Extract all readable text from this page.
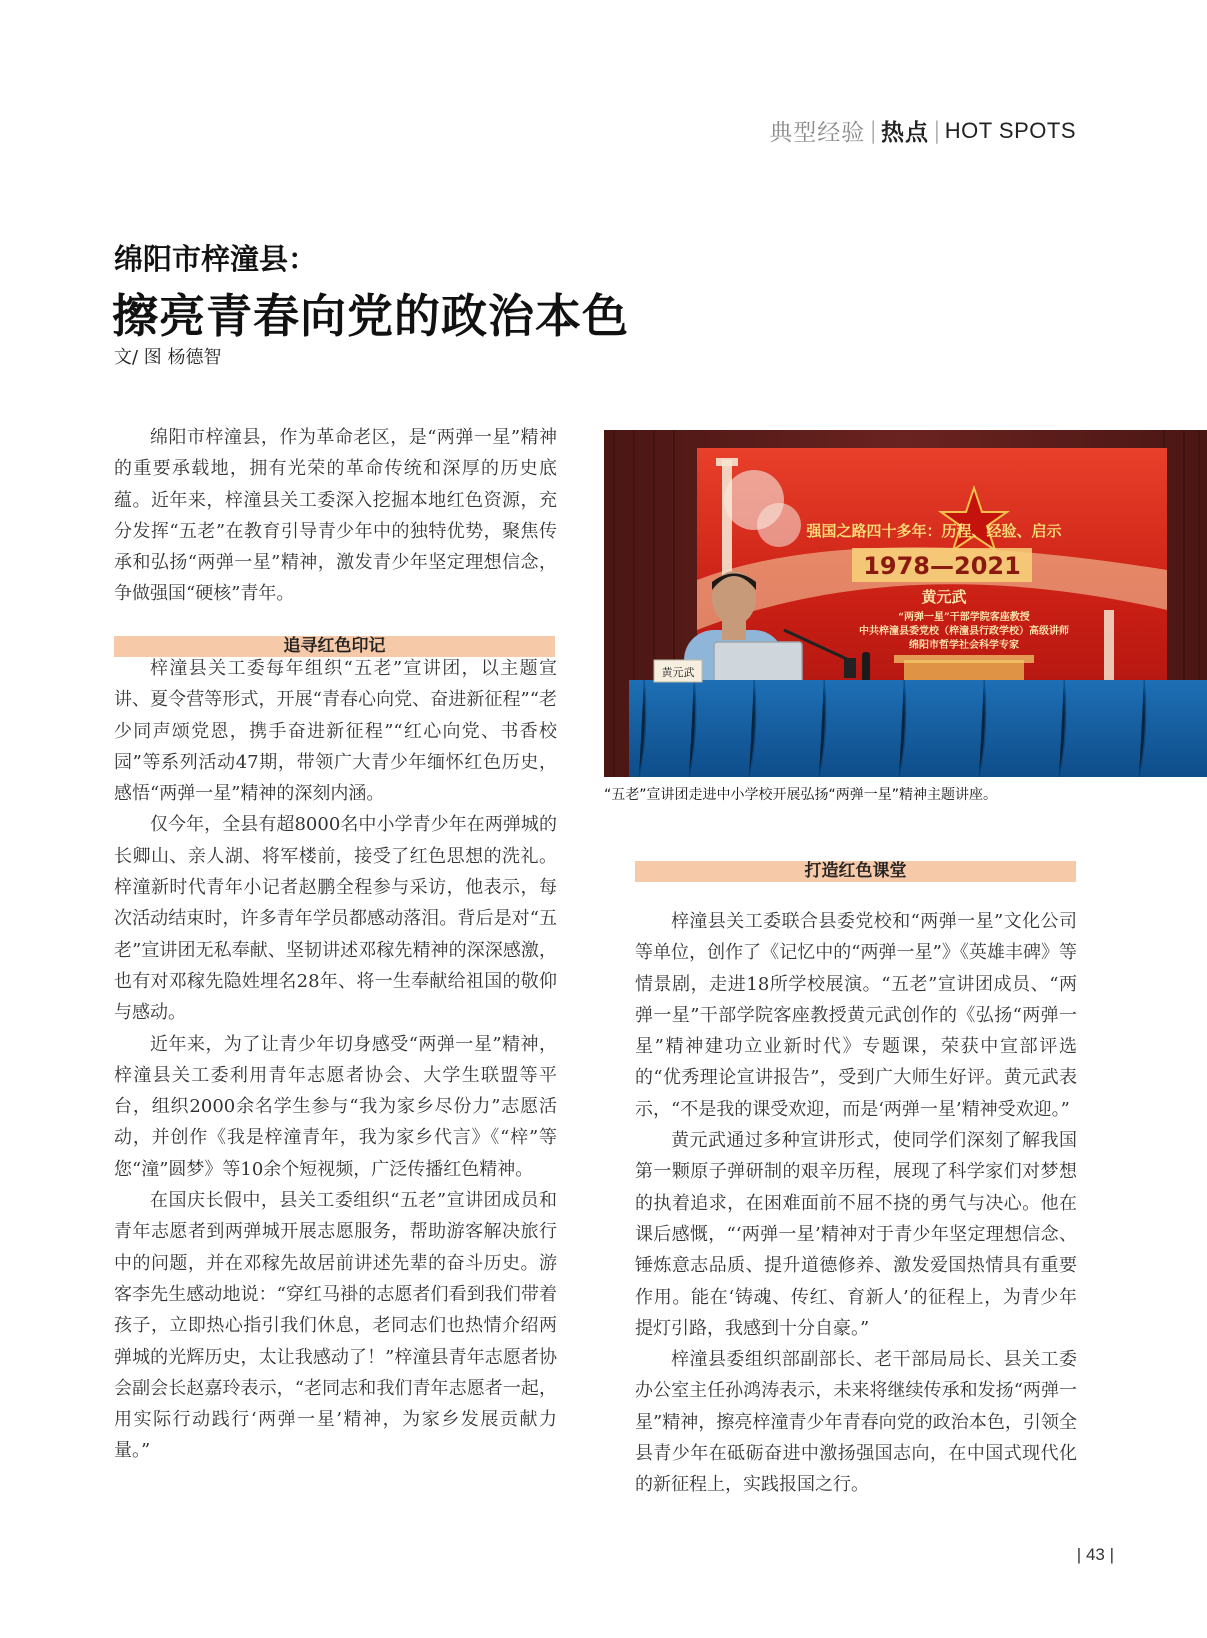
典型经验 | 热点 | HOT SPOTS
绵阳市梓潼县：
擦亮青春向党的政治本色
文/ 图 杨德智

绵阳市梓潼县，作为革命老区，是“两弹一星”精神的重要承载地，拥有光荣的革命传统和深厚的历史底蕴。近年来，梓潼县关工委深入挖掘本地红色资源，充分发挥“五老”在教育引导青少年中的独特优势，聚焦传承和弘扬“两弹一星”精神，激发青少年坚定理想信念，争做强国“硬核”青年。

追寻红色印记

梓潼县关工委每年组织“五老”宣讲团，以主题宣讲、夏令营等形式，开展“青春心向党、奋进新征程”“老少同声颂党恩，携手奋进新征程”“红心向党、书香校园”等系列活动47期，带领广大青少年缅怀红色历史，感悟“两弹一星”精神的深刻内涵。

仅今年，全县有超8000名中小学青少年在两弹城的长卿山、亲人湖、将军楼前，接受了红色思想的洗礼。梓潼新时代青年小记者赵鹏全程参与采访，他表示，每次活动结束时，许多青年学员都感动落泪。背后是对“五老”宣讲团无私奉献、坚韧讲述邓稼先精神的深深感激，也有对邓稼先隐姓埋名28年、将一生奉献给祖国的敬仰与感动。

近年来，为了让青少年切身感受“两弹一星”精神，梓潼县关工委利用青年志愿者协会、大学生联盟等平台，组织2000余名学生参与“我为家乡尽份力”志愿活动，并创作《我是梓潼青年，我为家乡代言》《“梓”等您“潼”圆梦》等10余个短视频，广泛传播红色精神。

在国庆长假中，县关工委组织“五老”宣讲团成员和青年志愿者到两弹城开展志愿服务，帮助游客解决旅行中的问题，并在邓稼先故居前讲述先辈的奋斗历史。游客李先生感动地说：“穿红马褂的志愿者们看到我们带着孩子，立即热心指引我们休息，老同志们也热情介绍两弹城的光辉历史，太让我感动了！”梓潼县青年志愿者协会副会长赵嘉玲表示，“老同志和我们青年志愿者一起，用实际行动践行‘两弹一星’精神，为家乡发展贡献力量。”

强国之路四十多年：历程、经验、启示
1978—2021
黄元武
“两弹一星”干部学院客座教授
中共梓潼县委党校（梓潼县行政学校）高级讲师
绵阳市哲学社会科学专家
黄元武
“五老”宣讲团走进中小学校开展弘扬“两弹一星”精神主题讲座。
打造红色课堂

梓潼县关工委联合县委党校和“两弹一星”文化公司等单位，创作了《记忆中的“两弹一星”》《英雄丰碑》等情景剧，走进18所学校展演。“五老”宣讲团成员、“两弹一星”干部学院客座教授黄元武创作的《弘扬“两弹一星”精神建功立业新时代》专题课，荣获中宣部评选的“优秀理论宣讲报告”，受到广大师生好评。黄元武表示，“不是我的课受欢迎，而是‘两弹一星’精神受欢迎。”

黄元武通过多种宣讲形式，使同学们深刻了解我国第一颗原子弹研制的艰辛历程，展现了科学家们对梦想的执着追求，在困难面前不屈不挠的勇气与决心。他在课后感慨，“‘两弹一星’精神对于青少年坚定理想信念、锤炼意志品质、提升道德修养、激发爱国热情具有重要作用。能在‘铸魂、传红、育新人’的征程上，为青少年提灯引路，我感到十分自豪。”

梓潼县委组织部副部长、老干部局局长、县关工委办公室主任孙鸿涛表示，未来将继续传承和发扬“两弹一星”精神，擦亮梓潼青少年青春向党的政治本色，引领全县青少年在砥砺奋进中激扬强国志向，在中国式现代化的新征程上，实践报国之行。

| 43 |
